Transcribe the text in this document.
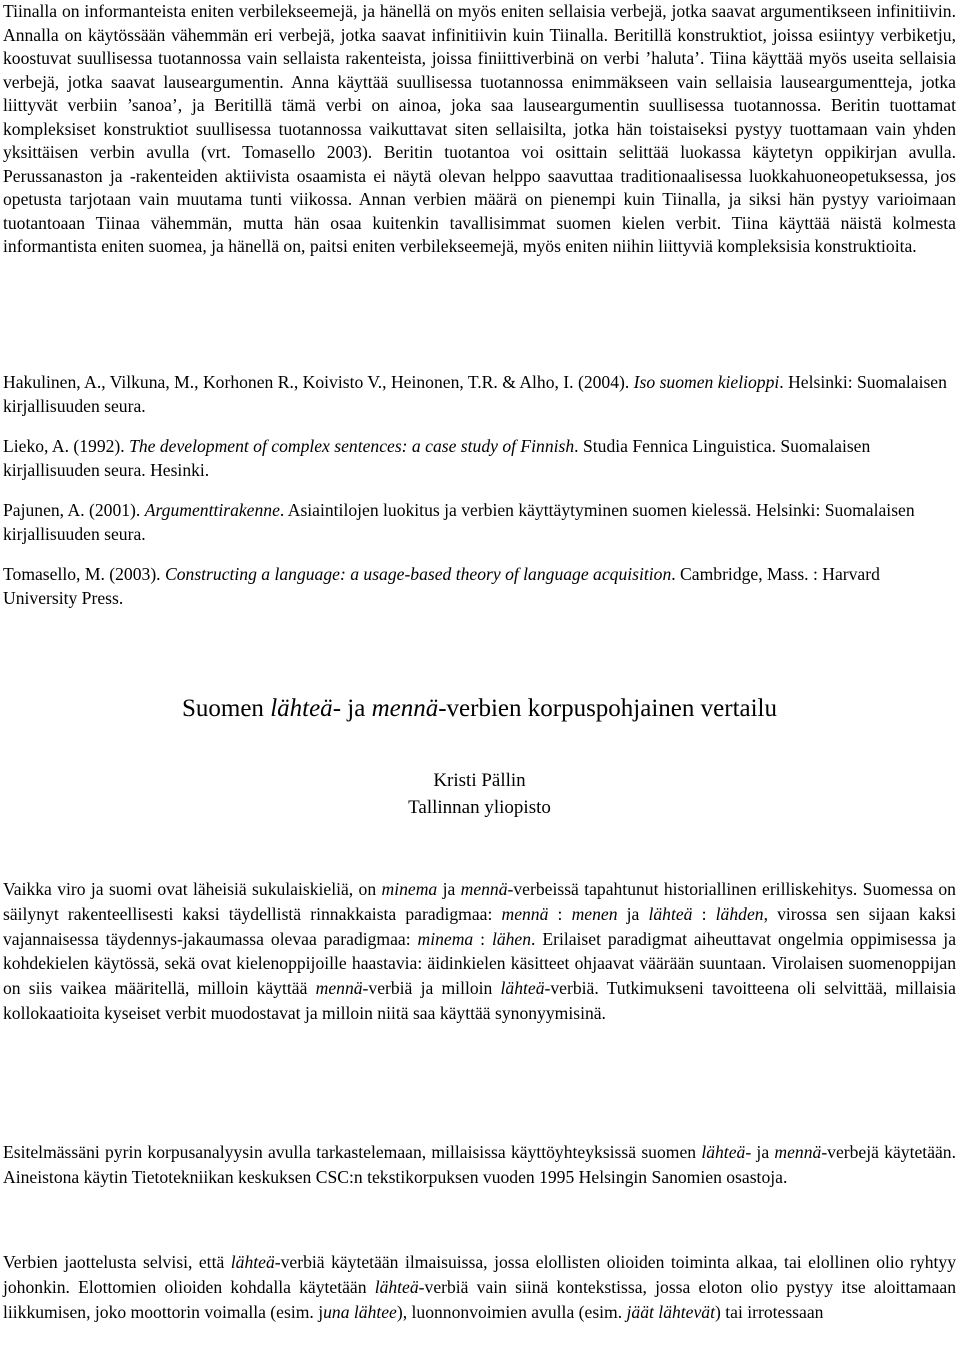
Tiinalla on informanteista eniten verbilekseemejä, ja hänellä on myös eniten sellaisia verbejä, jotka saavat argumentikseen infinitiivin. Annalla on käytössään vähemmän eri verbejä, jotka saavat infinitiivin kuin Tiinalla. Beritillä konstruktiot, joissa esiintyy verbiketju, koostuvat suullisessa tuotannossa vain sellaista rakenteista, joissa finiittiverbinä on verbi ’haluta’. Tiina käyttää myös useita sellaisia verbejä, jotka saavat lauseargumentin. Anna käyttää suullisessa tuotannossa enimmäkseen vain sellaisia lauseargumentteja, jotka liittyvät verbiin ’sanoa’, ja Beritillä tämä verbi on ainoa, joka saa lauseargumentin suullisessa tuotannossa. Beritin tuottamat kompleksiset konstruktiot suullisessa tuotannossa vaikuttavat siten sellaisilta, jotka hän toistaiseksi pystyy tuottamaan vain yhden yksittäisen verbin avulla (vrt. Tomasello 2003). Beritin tuotantoa voi osittain selittää luokassa käytetyn oppikirjan avulla. Perussanaston ja -rakenteiden aktiivista osaamista ei näytä olevan helppo saavuttaa traditionaalisessa luokkahuoneopetuksessa, jos opetusta tarjotaan vain muutama tunti viikossa. Annan verbien määrä on pienempi kuin Tiinalla, ja siksi hän pystyy varioimaan tuotantoaan Tiinaa vähemmän, mutta hän osaa kuitenkin tavallisimmat suomen kielen verbit. Tiina käyttää näistä kolmesta informantista eniten suomea, ja hänellä on, paitsi eniten verbilekseemejä, myös eniten niihin liittyviä kompleksisia konstruktioita.

Hakulinen, A., Vilkuna, M., Korhonen R., Koivisto V., Heinonen, T.R. & Alho, I. (2004). Iso suomen kielioppi. Helsinki: Suomalaisen kirjallisuuden seura.

Lieko, A. (1992). The development of complex sentences: a case study of Finnish. Studia Fennica Linguistica. Suomalaisen kirjallisuuden seura. Hesinki.

Pajunen, A. (2001). Argumenttirakenne. Asiaintilojen luokitus ja verbien käyttäytyminen suomen kielessä. Helsinki: Suomalaisen kirjallisuuden seura.

Tomasello, M. (2003). Constructing a language: a usage-based theory of language acquisition. Cambridge, Mass. : Harvard University Press.

Suomen lähteä- ja mennä-verbien korpuspohjainen vertailu
Kristi Pällin
Tallinnan yliopisto

Vaikka viro ja suomi ovat läheisiä sukulaiskieliä, on minema ja mennä-verbeissä tapahtunut historiallinen erilliskehitys. Suomessa on säilynyt rakenteellisesti kaksi täydellistä rinnakkaista paradigmaa: mennä : menen ja lähteä : lähden, virossa sen sijaan kaksi vajannaisessa täydennys-jakaumassa olevaa paradigmaa: minema : lähen. Erilaiset paradigmat aiheuttavat ongelmia oppimisessa ja kohdekielen käytössä, sekä ovat kielenoppijoille haastavia: äidinkielen käsitteet ohjaavat väärään suuntaan. Virolaisen suomenoppijan on siis vaikea määritellä, milloin käyttää mennä-verbiä ja milloin lähteä-verbiä. Tutkimukseni tavoitteena oli selvittää, millaisia kollokaatioita kyseiset verbit muodostavat ja milloin niitä saa käyttää synonyymisinä.

Esitelmässäni pyrin korpusanalyysin avulla tarkastelemaan, millaisissa käyttöyhteyksissä suomen lähteä- ja mennä-verbejä käytetään. Aineistona käytin Tietotekniikan keskuksen CSC:n tekstikorpuksen vuoden 1995 Helsingin Sanomien osastoja.

Verbien jaottelusta selvisi, että lähteä-verbiä käytetään ilmaisuissa, jossa elollisten olioiden toiminta alkaa, tai elollinen olio ryhtyy johonkin. Elottomien olioiden kohdalla käytetään lähteä-verbiä vain siinä kontekstissa, jossa eloton olio pystyy itse aloittamaan liikkumisen, joko moottorin voimalla (esim. juna lähtee), luonnonvoimien avulla (esim. jäät lähtevät) tai irrotessaan
